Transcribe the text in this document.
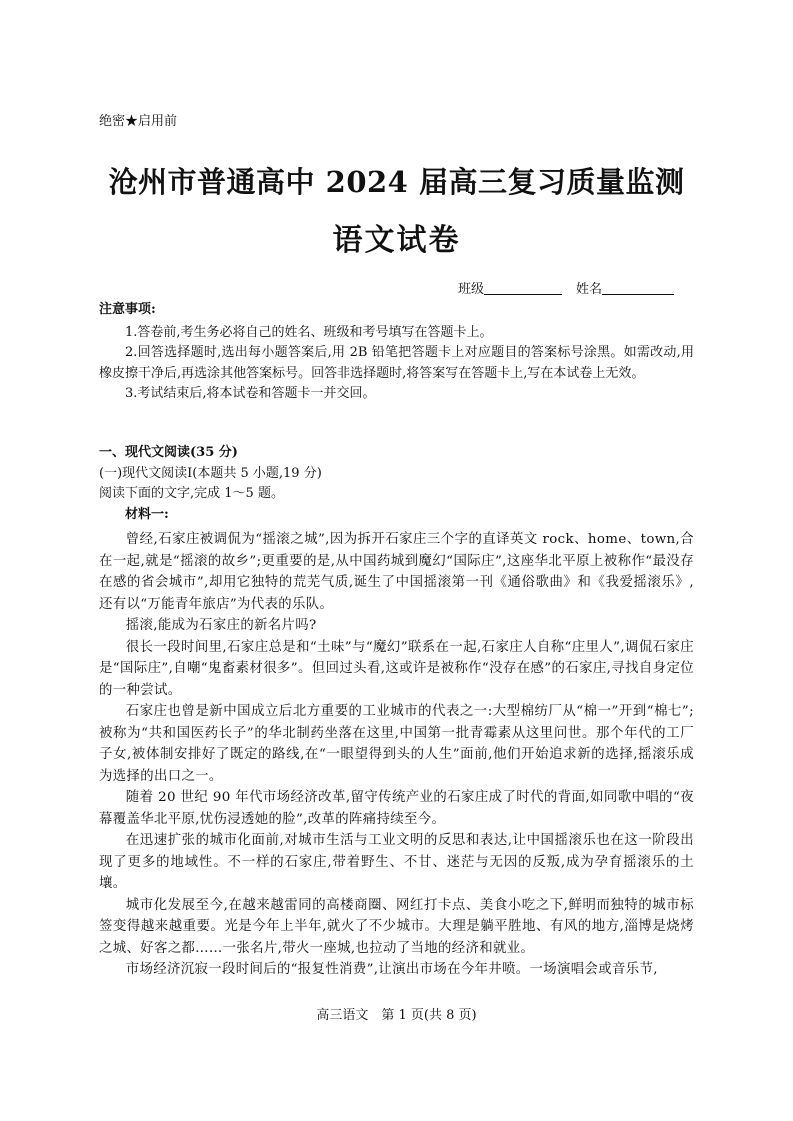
绝密★启用前
沧州市普通高中 2024 届高三复习质量监测
语文试卷
班级	姓名
注意事项:

1.答卷前,考生务必将自己的姓名、班级和考号填写在答题卡上。

2.回答选择题时,选出每小题答案后,用 2B 铅笔把答题卡上对应题目的答案标号涂黑。如需改动,用橡皮擦干净后,再选涂其他答案标号。回答非选择题时,将答案写在答题卡上,写在本试卷上无效。

3.考试结束后,将本试卷和答题卡一并交回。

一、现代文阅读(35 分)
(一)现代文阅读Ⅰ(本题共 5 小题,19 分)
阅读下面的文字,完成 1～5 题。
材料一:

曾经,石家庄被调侃为“摇滚之城”,因为拆开石家庄三个字的直译英文 rock、home、town,合在一起,就是“摇滚的故乡”;更重要的是,从中国药城到魔幻“国际庄”,这座华北平原上被称作“最没存在感的省会城市”,却用它独特的荒芜气质,诞生了中国摇滚第一刊《通俗歌曲》和《我爱摇滚乐》,还有以“万能青年旅店”为代表的乐队。

摇滚,能成为石家庄的新名片吗?

很长一段时间里,石家庄总是和“土味”与“魔幻”联系在一起,石家庄人自称“庄里人”,调侃石家庄是“国际庄”,自嘲“鬼畜素材很多”。但回过头看,这或许是被称作“没存在感”的石家庄,寻找自身定位的一种尝试。

石家庄也曾是新中国成立后北方重要的工业城市的代表之一:大型棉纺厂从“棉一”开到“棉七”;被称为“共和国医药长子”的华北制药坐落在这里,中国第一批青霉素从这里问世。那个年代的工厂子女,被体制安排好了既定的路线,在“一眼望得到头的人生”面前,他们开始追求新的选择,摇滚乐成为选择的出口之一。

随着 20 世纪 90 年代市场经济改革,留守传统产业的石家庄成了时代的背面,如同歌中唱的“夜幕覆盖华北平原,忧伤浸透她的脸”,改革的阵痛持续至今。

在迅速扩张的城市化面前,对城市生活与工业文明的反思和表达,让中国摇滚乐也在这一阶段出现了更多的地域性。不一样的石家庄,带着野生、不甘、迷茫与无因的反叛,成为孕育摇滚乐的土壤。

城市化发展至今,在越来越雷同的高楼商圈、网红打卡点、美食小吃之下,鲜明而独特的城市标签变得越来越重要。光是今年上半年,就火了不少城市。大理是躺平胜地、有风的地方,淄博是烧烤之城、好客之都……一张名片,带火一座城,也拉动了当地的经济和就业。

市场经济沉寂一段时间后的“报复性消费”,让演出市场在今年井喷。一场演唱会或音乐节,

高三语文　第 1 页(共 8 页)
